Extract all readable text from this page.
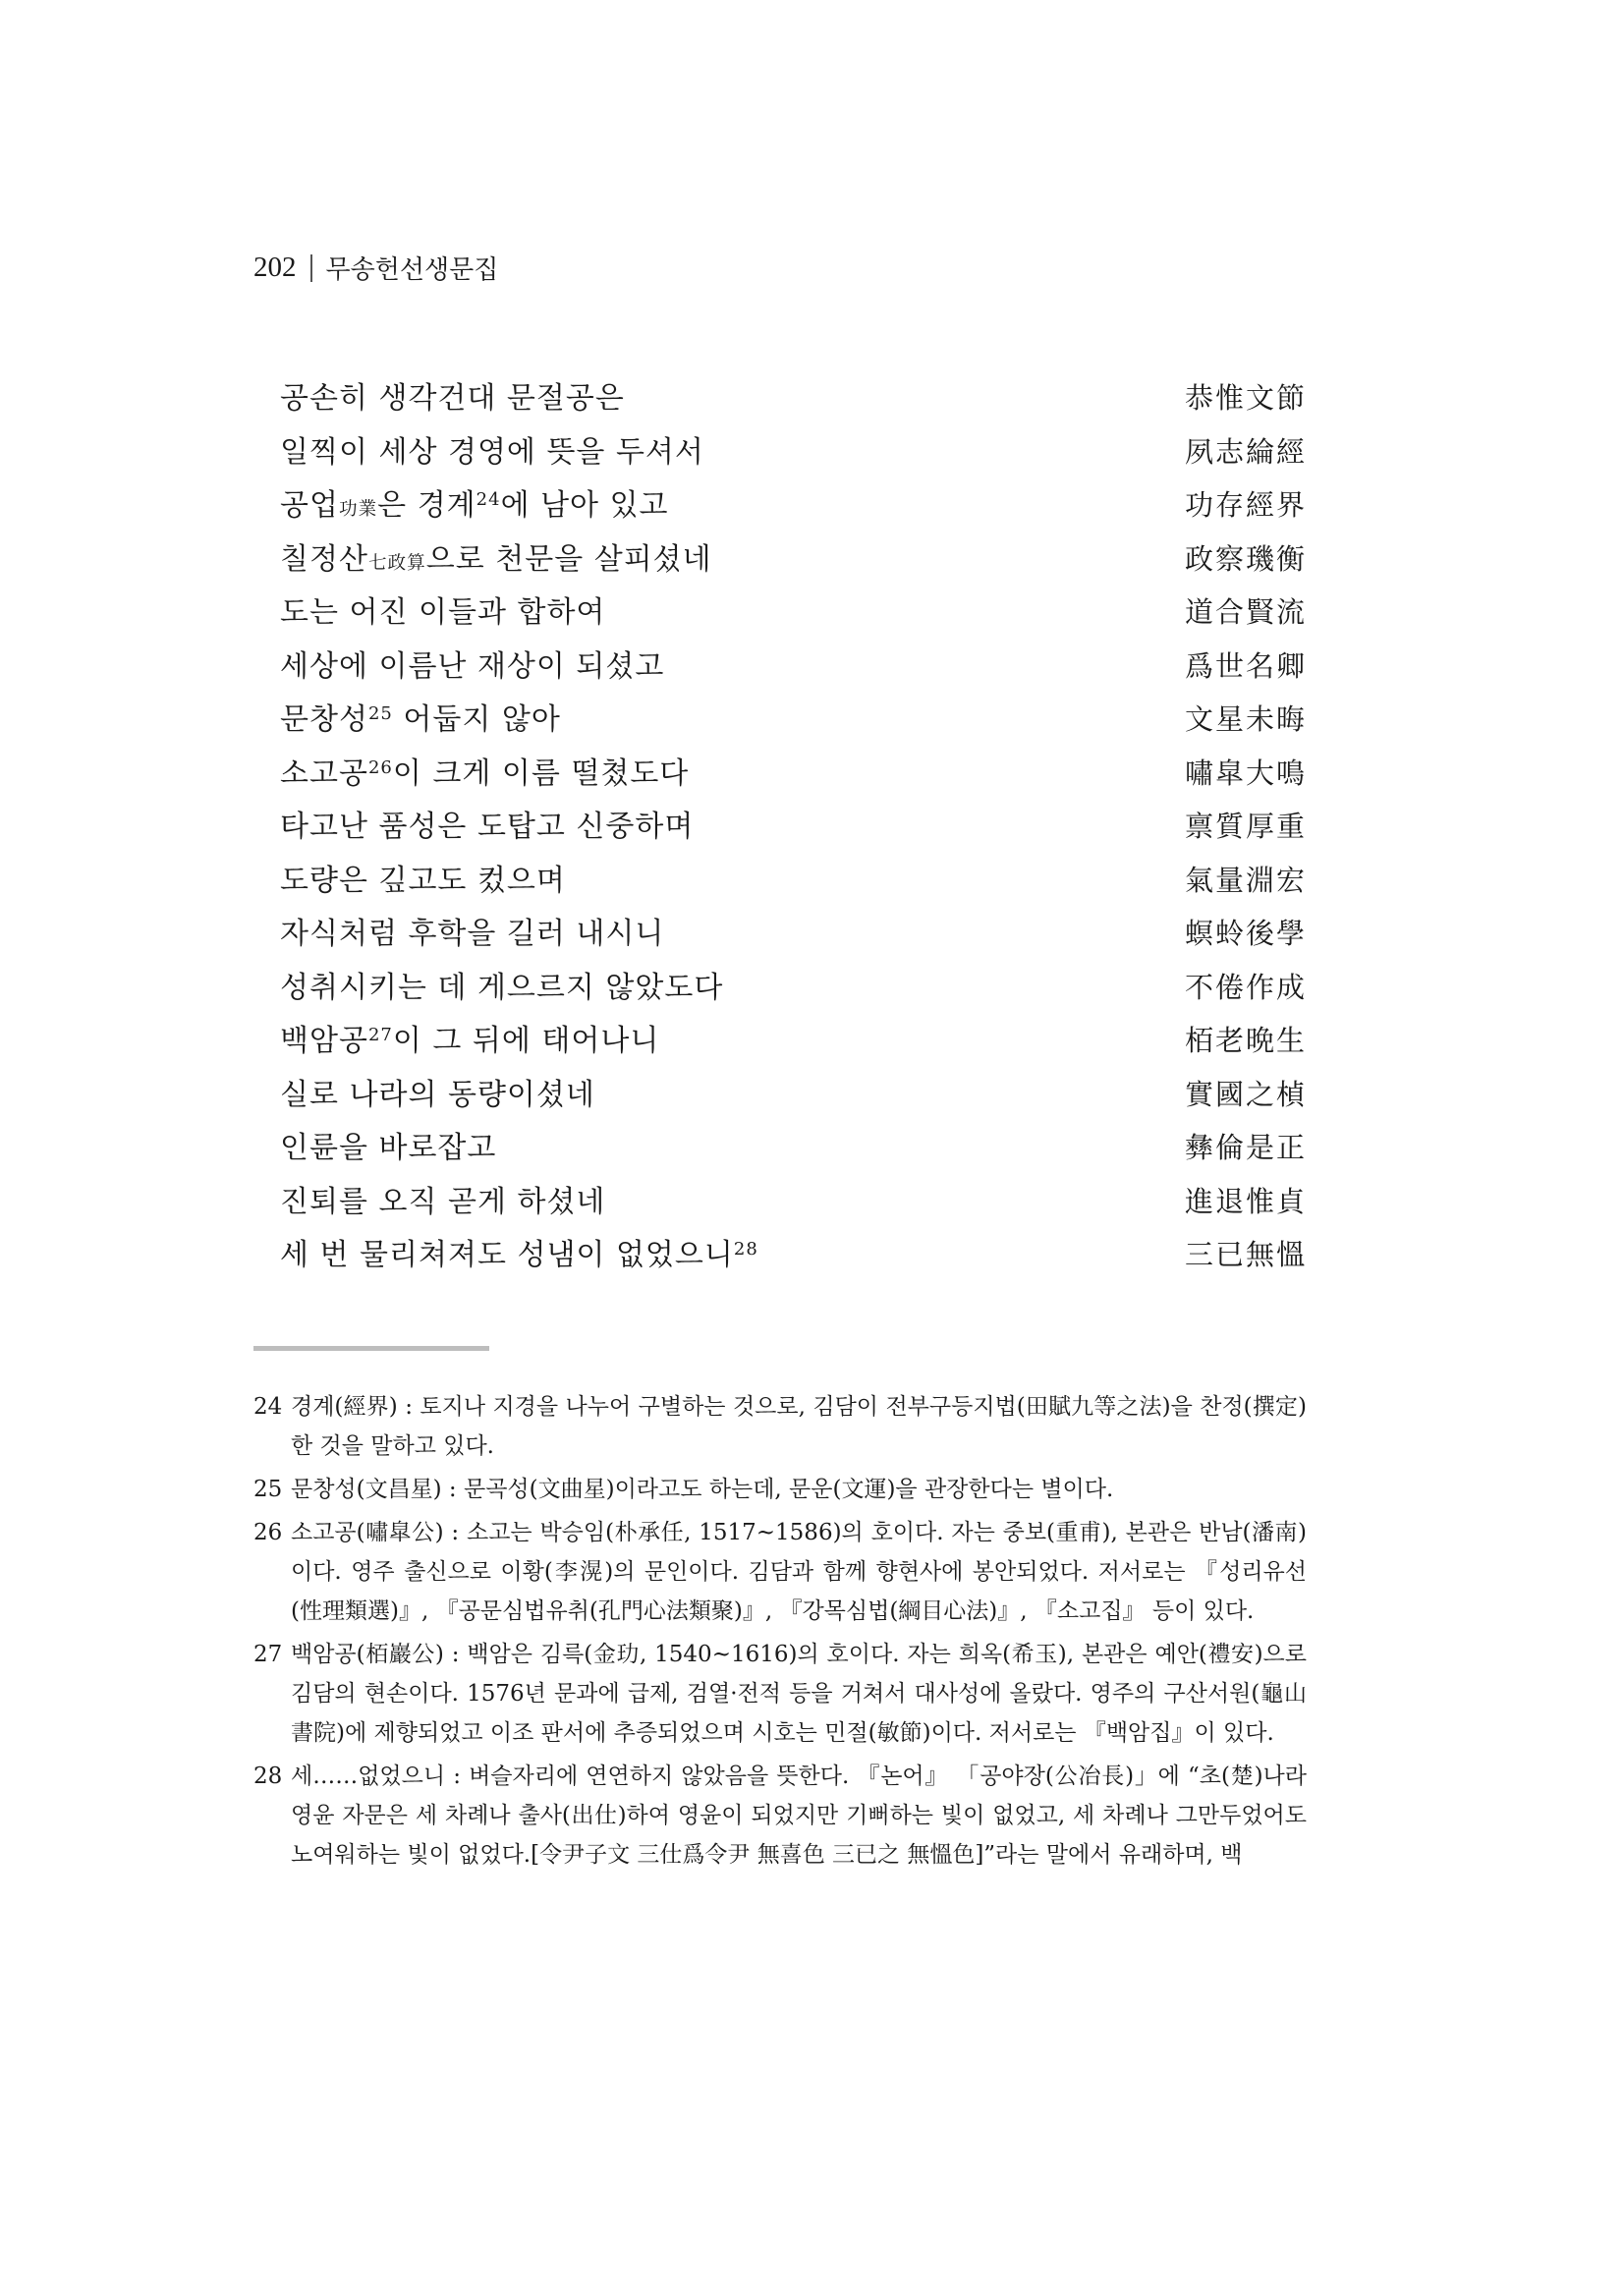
202 무송헌선생문집
공손히 생각건대 문절공은	恭惟文節
일찍이 세상 경영에 뜻을 두셔서	夙志綸經
공업功業은 경계$^{24}$에 남아 있고	功存經界
칠정산七政算으로 천문을 살피셨네	政察璣衡
도는 어진 이들과 합하여	道合賢流
세상에 이름난 재상이 되셨고	爲世名卿
문창성$^{25}$ 어둡지 않아	文星未晦
소고공$^{26}$이 크게 이름 떨쳤도다	嘯皐大鳴
타고난 품성은 도탑고 신중하며	禀質厚重
도량은 깊고도 컸으며	氣量淵宏
자식처럼 후학을 길러 내시니	螟蛉後學
성취시키는 데 게으르지 않았도다	不倦作成
백암공$^{27}$이 그 뒤에 태어나니	栢老晩生
실로 나라의 동량이셨네	實國之楨
인륜을 바로잡고	彝倫是正
진퇴를 오직 곧게 하셨네	進退惟貞
세 번 물리쳐져도 성냄이 없었으니$^{28}$	三已無慍
24 경계(經界) : 토지나 지경을 나누어 구별하는 것으로, 김담이 전부구등지법(田賦九等之法)을 찬정(撰定)한 것을 말하고 있다.
25 문창성(文昌星) : 문곡성(文曲星)이라고도 하는데, 문운(文運)을 관장한다는 별이다.
26 소고공(嘯皐公) : 소고는 박승임(朴承任, 1517~1586)의 호이다. 자는 중보(重甫), 본관은 반남(潘南)이다. 영주 출신으로 이황(李滉)의 문인이다. 김담과 함께 향현사에 봉안되었다. 저서로는 『성리유선(性理類選)』, 『공문심법유취(孔門心法類聚)』, 『강목심법(綱目心法)』, 『소고집』 등이 있다.
27 백암공(栢巖公) : 백암은 김륵(金玏, 1540~1616)의 호이다. 자는 희옥(希玉), 본관은 예안(禮安)으로 김담의 현손이다. 1576년 문과에 급제, 검열·전적 등을 거쳐서 대사성에 올랐다. 영주의 구산서원(龜山書院)에 제향되었고 이조 판서에 추증되었으며 시호는 민절(敏節)이다. 저서로는 『백암집』이 있다.
28 세……없었으니 : 벼슬자리에 연연하지 않았음을 뜻한다. 『논어』 「공야장(公冶長)」에 “초(楚)나라 영윤 자문은 세 차례나 출사(出仕)하여 영윤이 되었지만 기뻐하는 빛이 없었고, 세 차례나 그만두었어도 노여워하는 빛이 없었다.[令尹子文 三仕爲令尹 無喜色 三已之 無慍色]”라는 말에서 유래하며, 백
